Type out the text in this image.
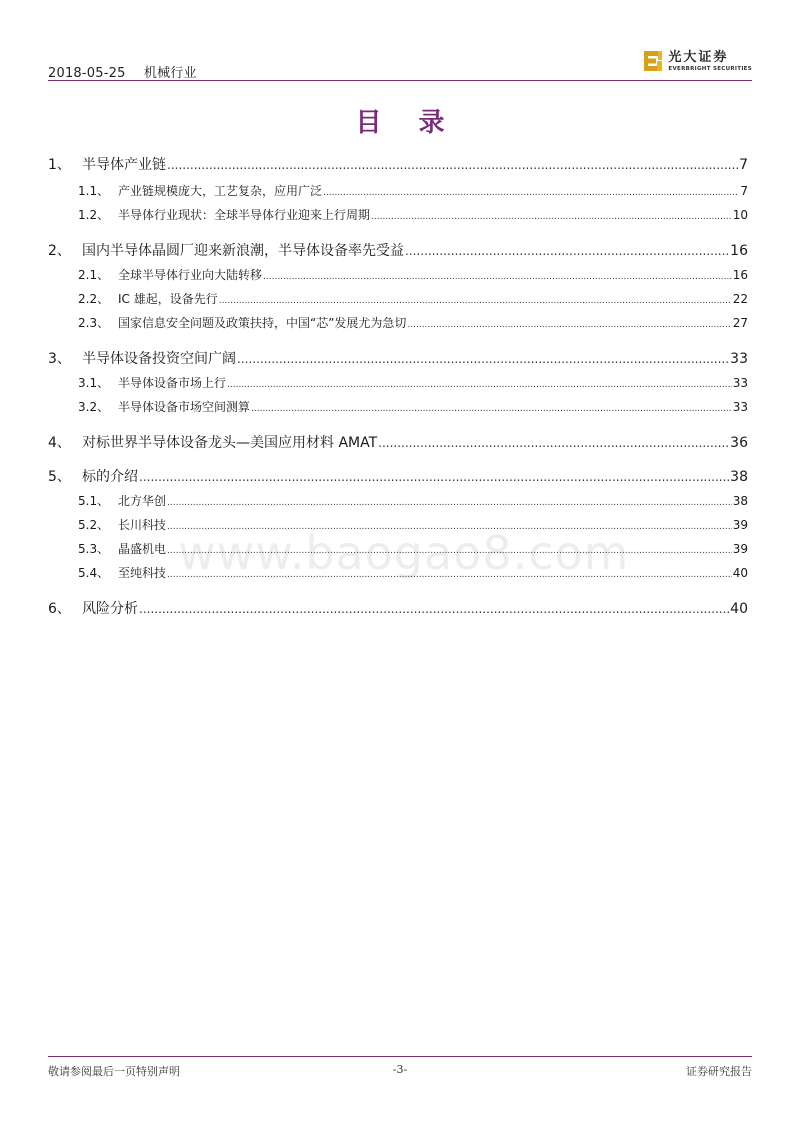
2018-05-25 机械行业
光大证券
EVERBRIGHT SECURITIES
目 录
1、 半导体产业链 .....	7
1.1、 产业链规模庞大，工艺复杂，应用广泛 .....	7
1.2、 半导体行业现状：全球半导体行业迎来上行周期 .....	10
2、 国内半导体晶圆厂迎来新浪潮，半导体设备率先受益 .....	16
2.1、 全球半导体行业向大陆转移 .....	16
2.2、 IC 雄起，设备先行 .....	22
2.3、 国家信息安全问题及政策扶持，中国“芯”发展尤为急切 .....	27
3、 半导体设备投资空间广阔 .....	33
3.1、 半导体设备市场上行 .....	33
3.2、 半导体设备市场空间测算 .....	33
4、 对标世界半导体设备龙头—美国应用材料 AMAT .....	36
5、 标的介绍 .....	38
5.1、 北方华创 .....	38
5.2、 长川科技 .....	39
5.3、 晶盛机电 .....	39
5.4、 至纯科技 .....	40
6、 风险分析 .....	40
www.baogao8.com
敬请参阅最后一页特别声明	-3-	证券研究报告
